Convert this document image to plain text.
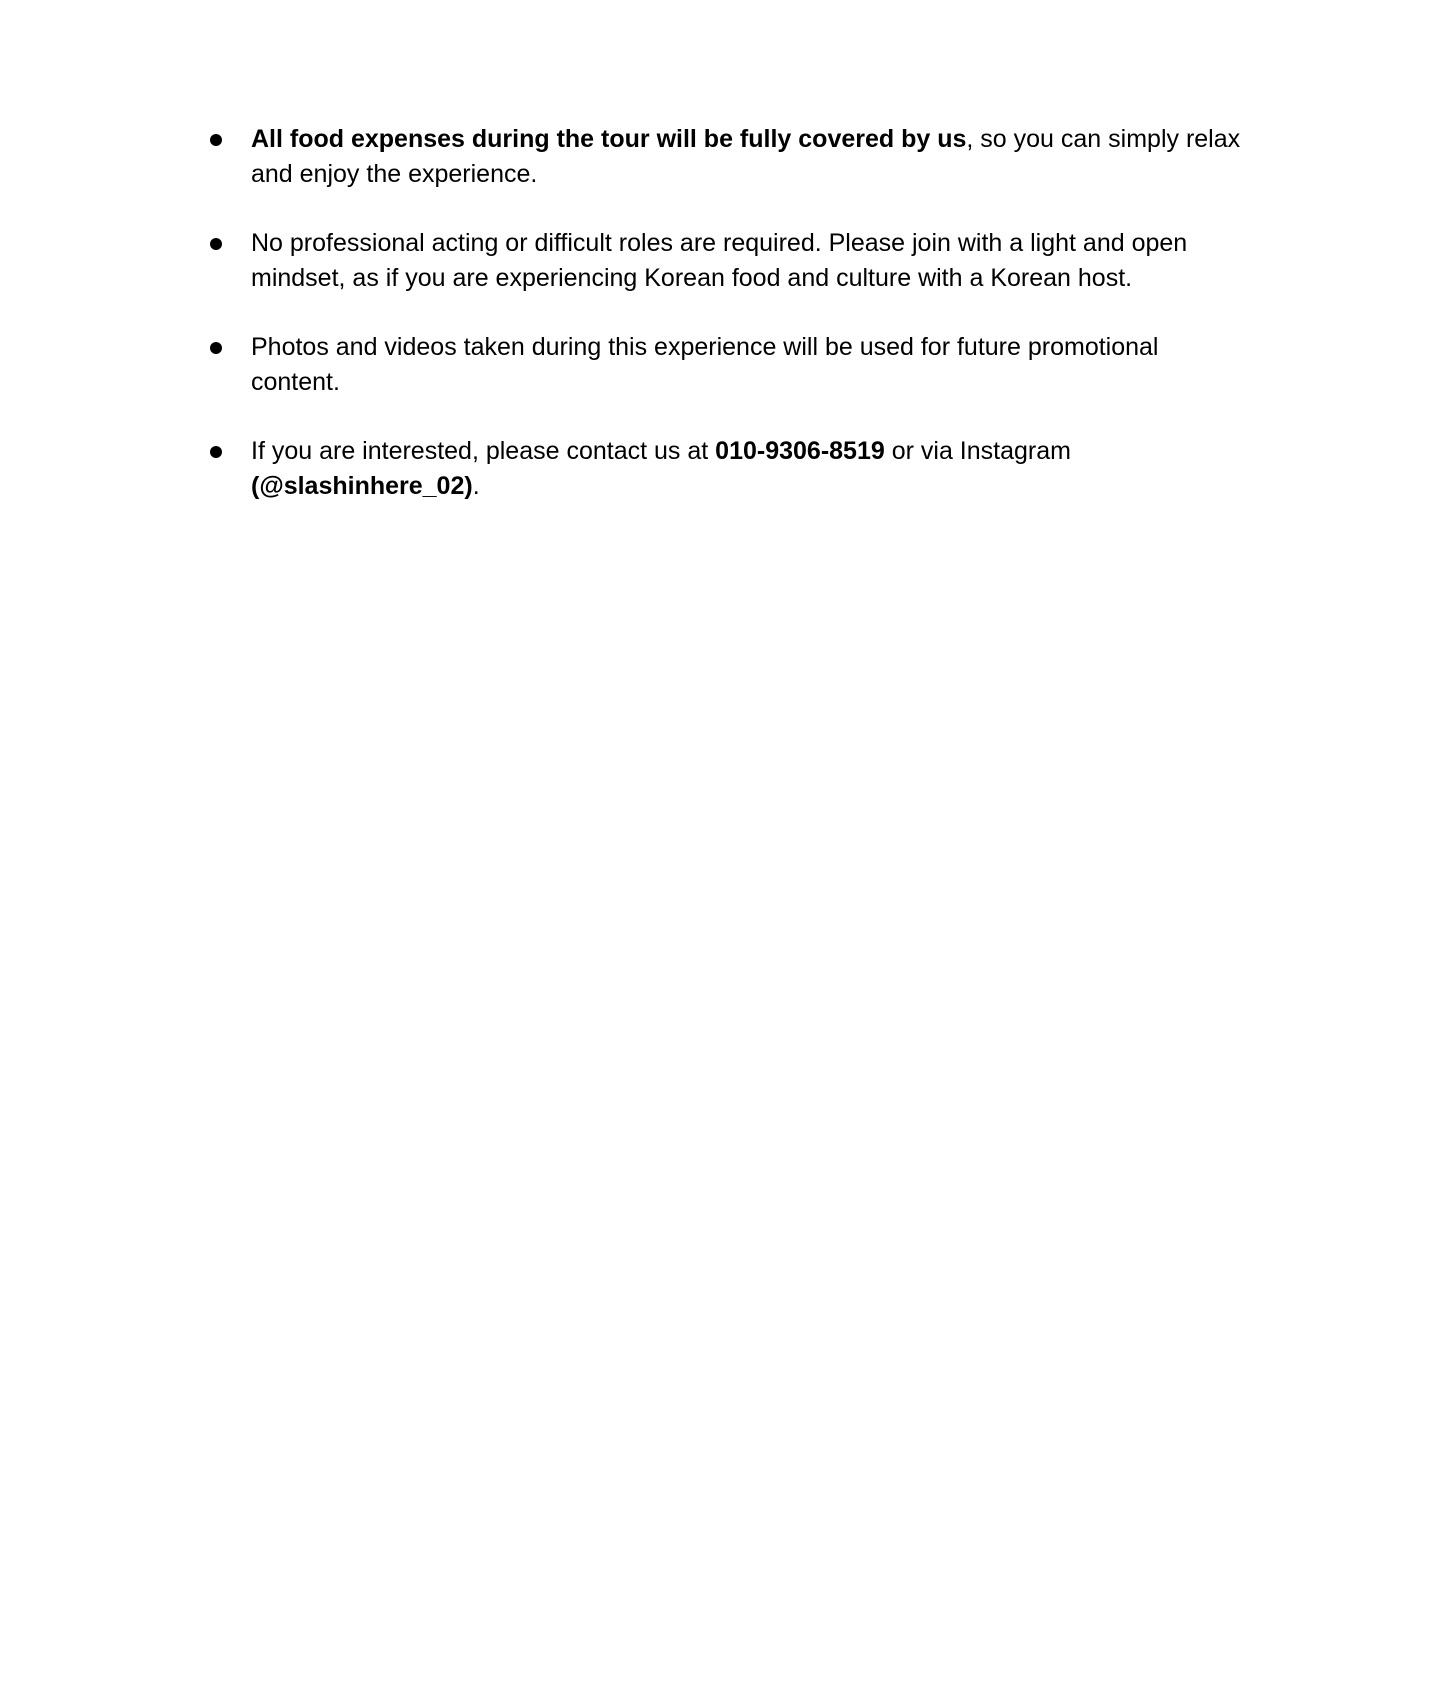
All food expenses during the tour will be fully covered by us, so you can simply relax and enjoy the experience.
No professional acting or difficult roles are required. Please join with a light and open mindset, as if you are experiencing Korean food and culture with a Korean host.
Photos and videos taken during this experience will be used for future promotional content.
If you are interested, please contact us at 010-9306-8519 or via Instagram (@slashinhere_02).
